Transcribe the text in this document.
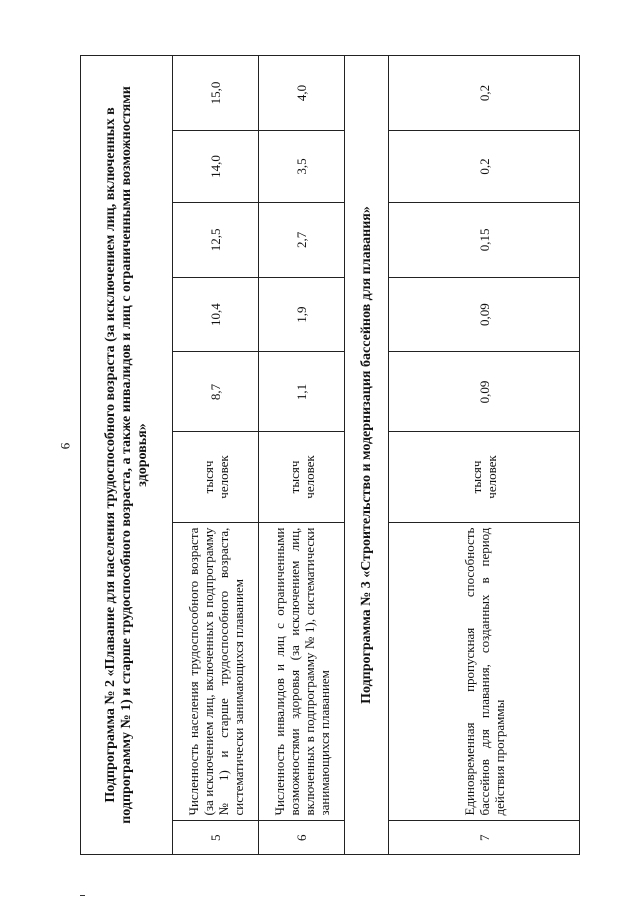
9 Подпрограмма № 2 «Плавание для населения трудоспособного возраста (за исключением лиц, включенных в подпрограмму № 1) и старше трудоспособного возраста, а также инвалидов и лиц с ограниченными возможностями здоровья»							
5	Численность населения трудоспособного возраста (за исключением лиц, включенных в подпрограмму № 1) и старше трудоспособного возраста, систематически занимающихся плаванием	тысяч человек	8,7	10,4	12,5	14,0	15,0
6	Численность инвалидов и лиц с ограниченными возможностями здоровья (за исключением лиц, включенных в подпрограмму № 1), систематически занимающихся плаванием	тысяч человек	1,1	1,9	2,7	3,5	4,0
Подпрограмма № 3 «Строительство и модернизация бассейнов для плавания»							
7	Единовременная пропускная способность бассейнов для плавания, созданных в период действия программы	тысяч человек	0,09	0,09	0,15	0,2	0,2
